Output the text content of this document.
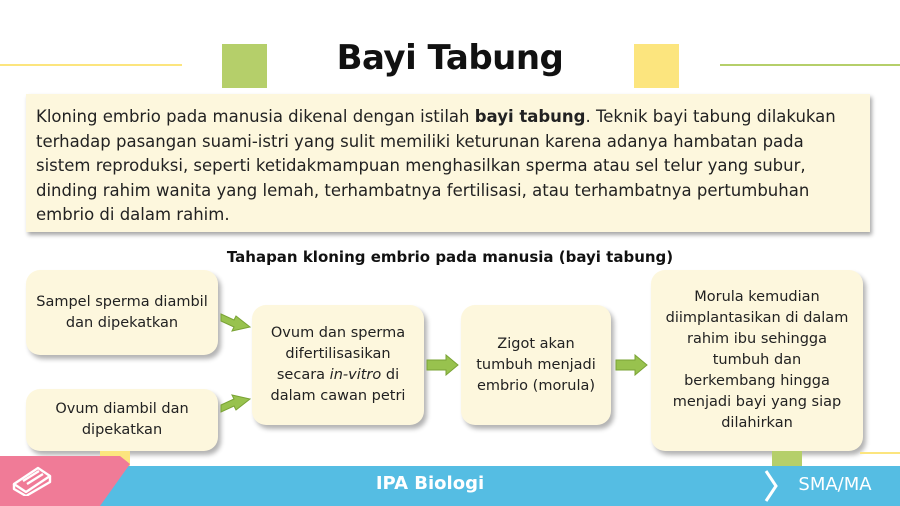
Bayi Tabung

Kloning embrio pada manusia dikenal dengan istilah bayi tabung. Teknik bayi tabung dilakukan terhadap pasangan suami-istri yang sulit memiliki keturunan karena adanya hambatan pada sistem reproduksi, seperti ketidakmampuan menghasilkan sperma atau sel telur yang subur, dinding rahim wanita yang lemah, terhambatnya fertilisasi, atau terhambatnya pertumbuhan embrio di dalam rahim.

Tahapan kloning embrio pada manusia (bayi tabung)
Sampel sperma diambil dan dipekatkan
Ovum diambil dan dipekatkan
Ovum dan sperma difertilisasikan secara in-vitro di dalam cawan petri
Zigot akan tumbuh menjadi embrio (morula)
Morula kemudian diimplantasikan di dalam rahim ibu sehingga tumbuh dan berkembang hingga menjadi bayi yang siap dilahirkan
IPA Biologi	SMA/MA
